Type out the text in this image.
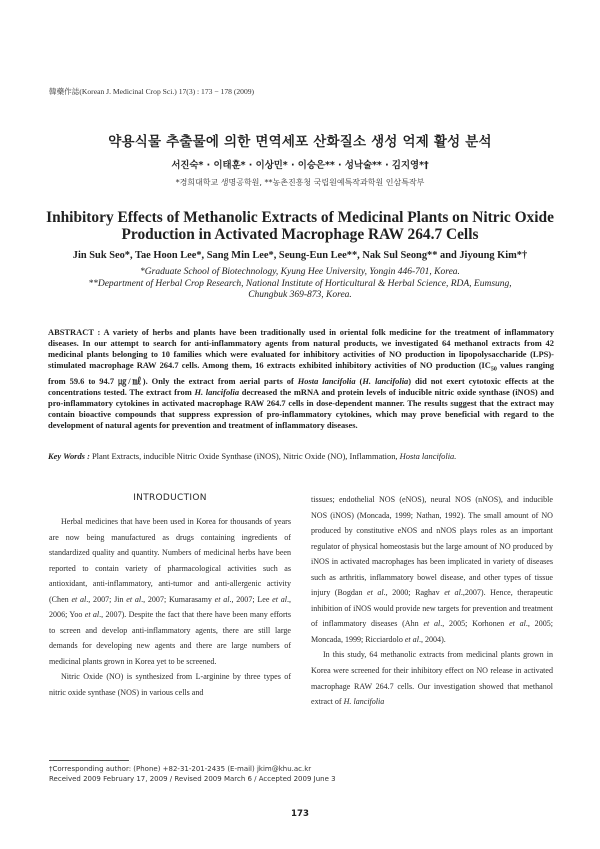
韓藥作誌(Korean J. Medicinal Crop Sci.) 17(3) : 173 − 178 (2009)
약용식물 추출물에 의한 면역세포 산화질소 생성 억제 활성 분석
서진숙* · 이태훈* · 이상민* · 이승은** · 성낙술** · 김지영*†
*경희대학교 생명공학원, **농촌진흥청 국립원예특작과학원 인삼특작부
Inhibitory Effects of Methanolic Extracts of Medicinal Plants on Nitric Oxide
Production in Activated Macrophage RAW 264.7 Cells
Jin Suk Seo*, Tae Hoon Lee*, Sang Min Lee*, Seung-Eun Lee**, Nak Sul Seong** and Jiyoung Kim*†
*Graduate School of Biotechnology, Kyung Hee University, Yongin 446-701, Korea.
**Department of Herbal Crop Research, National Institute of Horticultural & Herbal Science, RDA, Eumsung,
Chungbuk 369-873, Korea.
ABSTRACT : A variety of herbs and plants have been traditionally used in oriental folk medicine for the treatment of inflammatory diseases. In our attempt to search for anti-inflammatory agents from natural products, we investigated 64 methanol extracts from 42 medicinal plants belonging to 10 families which were evaluated for inhibitory activities of NO production in lipopolysaccharide (LPS)-stimulated macrophage RAW 264.7 cells. Among them, 16 extracts exhibited inhibitory activities of NO production ($IC_{50}$ values ranging from 59.6 to 94.7 ㎍/㎖). Only the extract from aerial parts of Hosta lancifolia (H. lancifolia) did not exert cytotoxic effects at the concentrations tested. The extract from H. lancifolia decreased the mRNA and protein levels of inducible nitric oxide synthase (iNOS) and pro-inflammatory cytokines in activated macrophage RAW 264.7 cells in dose-dependent manner. The results suggest that the extract may contain bioactive compounds that suppress expression of pro-inflammatory cytokines, which may prove beneficial with regard to the development of natural agents for prevention and treatment of inflammatory diseases.
Key Words : Plant Extracts, inducible Nitric Oxide Synthase (iNOS), Nitric Oxide (NO), Inflammation, Hosta lancifolia.
INTRODUCTION

Herbal medicines that have been used in Korea for thousands of years are now being manufactured as drugs containing ingredients of standardized quality and quantity. Numbers of medicinal herbs have been reported to contain variety of pharmacological activities such as antioxidant, anti-inflammatory, anti-tumor and anti-allergenic activity (Chen et al., 2007; Jin et al., 2007; Kumarasamy et al., 2007; Lee et al., 2006; Yoo et al., 2007). Despite the fact that there have been many efforts to screen and develop anti-inflammatory agents, there are still large demands for developing new agents and there are large numbers of medicinal plants grown in Korea yet to be screened.

Nitric Oxide (NO) is synthesized from L-arginine by three types of nitric oxide synthase (NOS) in various cells and

tissues; endothelial NOS (eNOS), neural NOS (nNOS), and inducible NOS (iNOS) (Moncada, 1999; Nathan, 1992). The small amount of NO produced by constitutive eNOS and nNOS plays roles as an important regulator of physical homeostasis but the large amount of NO produced by iNOS in activated macrophages has been implicated in variety of diseases such as arthritis, inflammatory bowel disease, and other types of tissue injury (Bogdan et al., 2000; Raghav et al.,2007). Hence, therapeutic inhibition of iNOS would provide new targets for prevention and treatment of inflammatory diseases (Ahn et al., 2005; Korhonen et al., 2005; Moncada, 1999; Ricciardolo et al., 2004).

In this study, 64 methanolic extracts from medicinal plants grown in Korea were screened for their inhibitory effect on NO release in activated macrophage RAW 264.7 cells. Our investigation showed that methanol extract of H. lancifolia

†Corresponding author: (Phone) +82-31-201-2435 (E-mail) jkim@khu.ac.kr
Received 2009 February 17, 2009 / Revised 2009 March 6 / Accepted 2009 June 3
173
